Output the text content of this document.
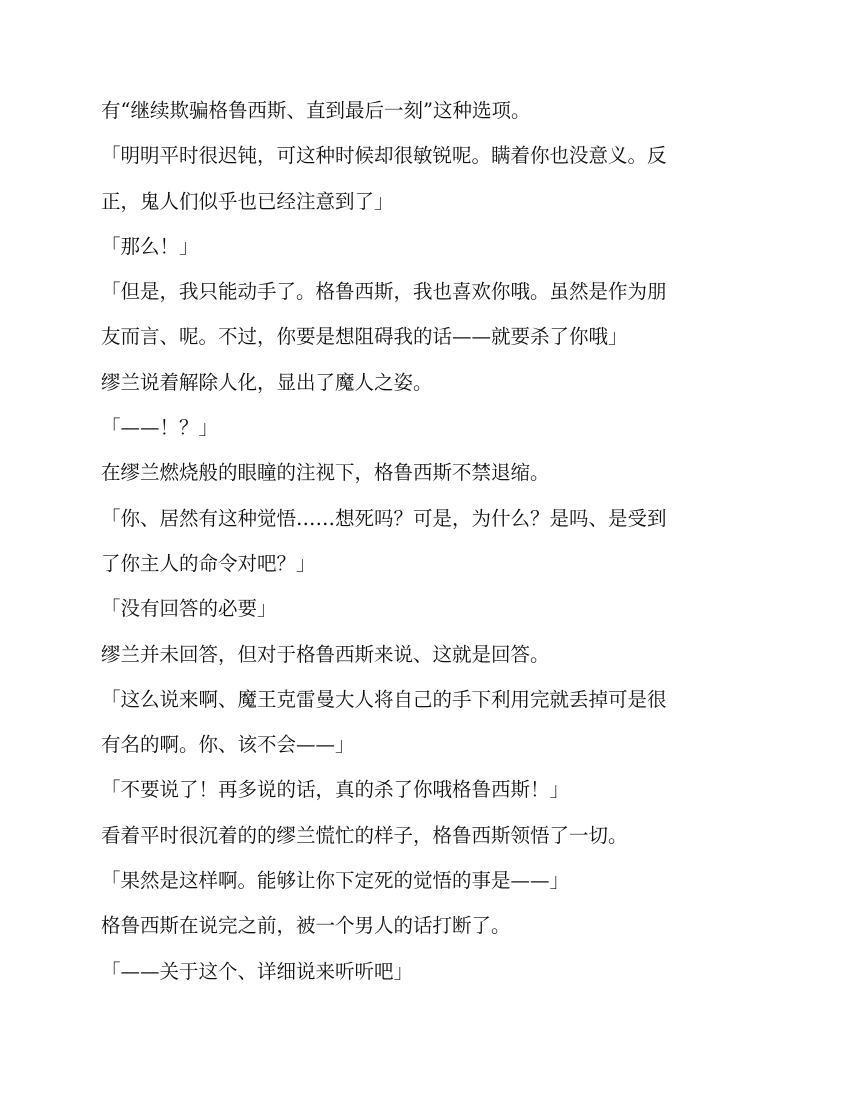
有“继续欺骗格鲁西斯、直到最后一刻”这种选项。
「明明平时很迟钝，可这种时候却很敏锐呢。瞒着你也没意义。反
正，鬼人们似乎也已经注意到了」
「那么！」
「但是，我只能动手了。格鲁西斯，我也喜欢你哦。虽然是作为朋
友而言、呢。不过，你要是想阻碍我的话——就要杀了你哦」
缪兰说着解除人化，显出了魔人之姿。
「——！？」
在缪兰燃烧般的眼瞳的注视下，格鲁西斯不禁退缩。
「你、居然有这种觉悟……想死吗？可是，为什么？是吗、是受到
了你主人的命令对吧？」
「没有回答的必要」
缪兰并未回答，但对于格鲁西斯来说、这就是回答。
「这么说来啊、魔王克雷曼大人将自己的手下利用完就丢掉可是很
有名的啊。你、该不会——」
「不要说了！再多说的话，真的杀了你哦格鲁西斯！」
看着平时很沉着的的缪兰慌忙的样子，格鲁西斯领悟了一切。
「果然是这样啊。能够让你下定死的觉悟的事是——」
格鲁西斯在说完之前，被一个男人的话打断了。
「——关于这个、详细说来听听吧」
